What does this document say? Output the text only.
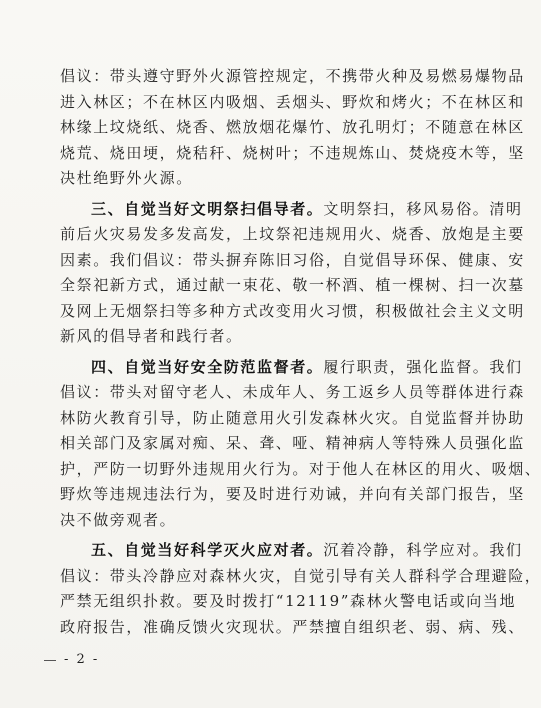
倡议：带头遵守野外火源管控规定，不携带火种及易燃易爆物品
进入林区；不在林区内吸烟、丢烟头、野炊和烤火；不在林区和
林缘上坟烧纸、烧香、燃放烟花爆竹、放孔明灯；不随意在林区
烧荒、烧田埂，烧秸秆、烧树叶；不违规炼山、焚烧疫木等，坚
决杜绝野外火源。
三、自觉当好文明祭扫倡导者。文明祭扫，移风易俗。清明
前后火灾易发多发高发，上坟祭祀违规用火、烧香、放炮是主要
因素。我们倡议：带头摒弃陈旧习俗，自觉倡导环保、健康、安
全祭祀新方式，通过献一束花、敬一杯酒、植一棵树、扫一次墓
及网上无烟祭扫等多种方式改变用火习惯，积极做社会主义文明
新风的倡导者和践行者。
四、自觉当好安全防范监督者。履行职责，强化监督。我们
倡议：带头对留守老人、未成年人、务工返乡人员等群体进行森
林防火教育引导，防止随意用火引发森林火灾。自觉监督并协助
相关部门及家属对痴、呆、聋、哑、精神病人等特殊人员强化监
护，严防一切野外违规用火行为。对于他人在林区的用火、吸烟、
野炊等违规违法行为，要及时进行劝诫，并向有关部门报告，坚
决不做旁观者。
五、自觉当好科学灭火应对者。沉着冷静，科学应对。我们
倡议：带头冷静应对森林火灾，自觉引导有关人群科学合理避险，
严禁无组织扑救。要及时拨打“12119”森林火警电话或向当地
政府报告，准确反馈火灾现状。严禁擅自组织老、弱、病、残、
- 2 -
